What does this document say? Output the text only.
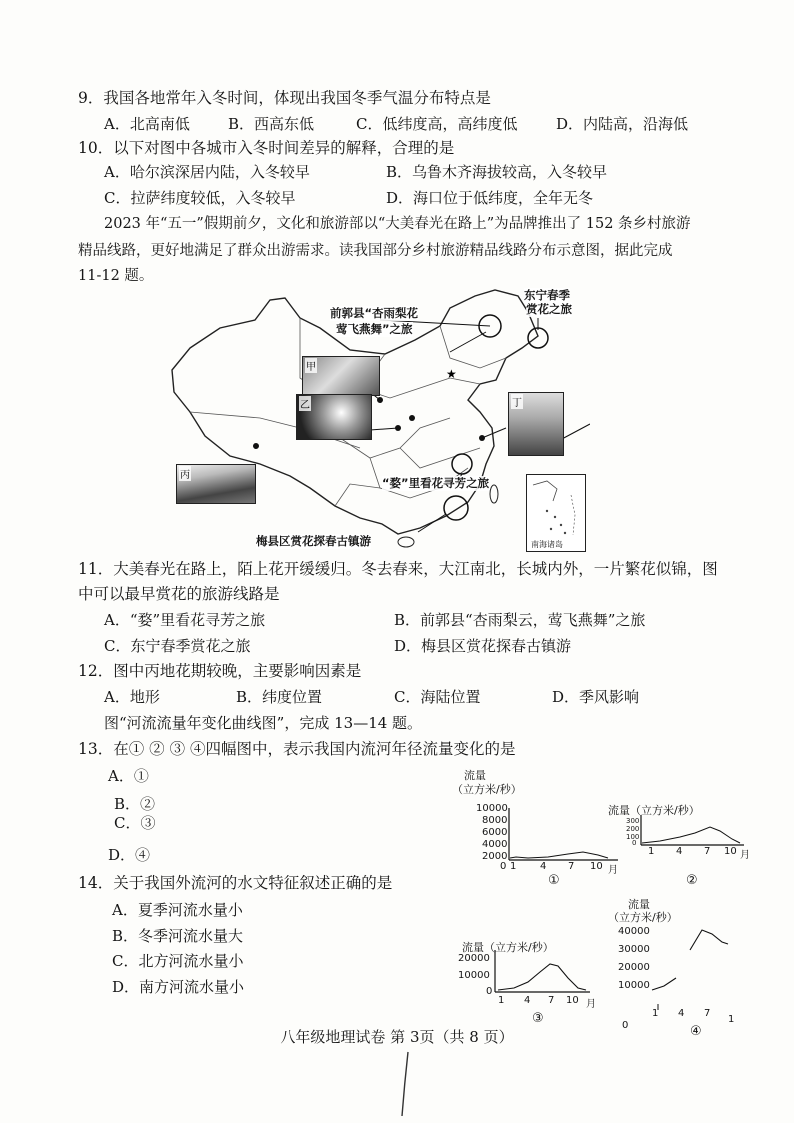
9．我国各地常年入冬时间，体现出我国冬季气温分布特点是
A．北高南低	B．西高东低	C．低纬度高，高纬度低	D．内陆高，沿海低
10．以下对图中各城市入冬时间差异的解释，合理的是
A．哈尔滨深居内陆，入冬较早	B．乌鲁木齐海拔较高，入冬较早
C．拉萨纬度较低，入冬较早	D．海口位于低纬度，全年无冬
2023 年“五一”假期前夕，文化和旅游部以“大美春光在路上”为品牌推出了 152 条乡村旅游
精品线路，更好地满足了群众出游需求。读我国部分乡村旅游精品线路分布示意图，据此完成
11-12 题。
★
甲
乙	丁
丙
前郭县“杏雨梨花
莺飞燕舞”之旅
东宁春季
赏花之旅
“婺”里看花寻芳之旅
梅县区赏花探春古镇游	南海诸岛
11．大美春光在路上，陌上花开缓缓归。冬去春来，大江南北，长城内外，一片繁花似锦，图
中可以最早赏花的旅游线路是
A．“婺”里看花寻芳之旅	B．前郭县“杏雨梨云，莺飞燕舞”之旅
C．东宁春季赏花之旅	D．梅县区赏花探春古镇游
12．图中丙地花期较晚，主要影响因素是
A．地形	B．纬度位置	C．海陆位置	D．季风影响
图“河流流量年变化曲线图”，完成 13—14 题。
13．在① ② ③ ④四幅图中，表示我国内流河年径流量变化的是
A．①
B．②
C．③
D．④
14．关于我国外流河的水文特征叙述正确的是
A．夏季河流水量小
B．冬季河流水量大
C．北方河流水量小
D．南方河流水量小
流量
（立方米/秒）
10000
8000
6000
4000
2000
0 1 4 7 10 月
①
流量（立方米/秒）
300
200
100
0
1 4 7 10 月
②
流量（立方米/秒）
20000
10000
0
1 4 7 10 月
③
流量
（立方米/秒）
40000
30000
20000
10000
0
1 4 7
1
④
八年级地理试卷 第 3页（共 8 页）
